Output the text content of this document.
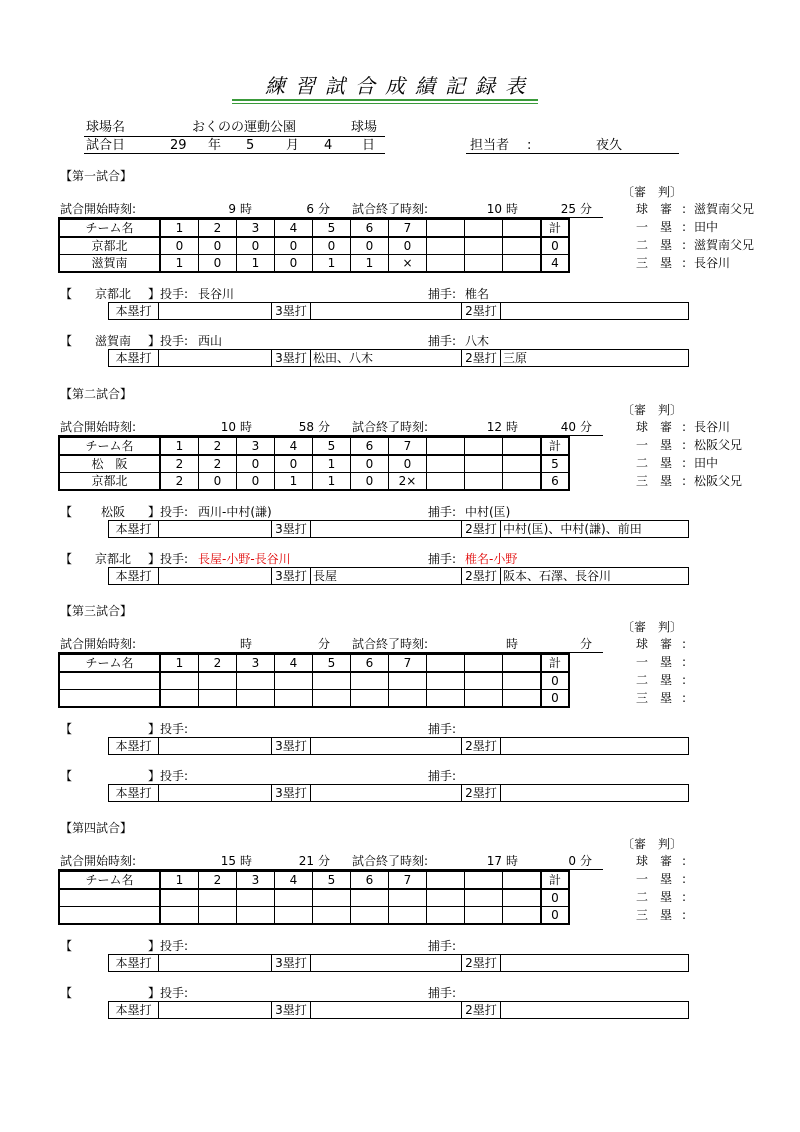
練習試合成績記録表
球場名	おくのの運動公園	球場
試合日	29 年 5 月 4 日	担当者 :	夜久
【第一試合】
〔審　判〕
試合開始時刻:	9 時	6 分 試合終了時刻:	10 時	25 分	球　審 : 滋賀南父兄
一　塁 : 田中
二　塁 : 滋賀南父兄
三　塁 : 長谷川
チーム名	1	2	3	4	5	6	7				計
京都北	0	0	0	0	0	0	0				0
滋賀南	1	0	1	0	1	1	×				4
【	京都北	】投手: 長谷川	捕手: 椎名
本塁打		3塁打		2塁打	
【	滋賀南	】投手: 西山	捕手: 八木
本塁打		3塁打	松田、八木	2塁打	三原
【第二試合】
〔審　判〕
試合開始時刻:	10 時	58 分 試合終了時刻:	12 時	40 分	球　審 : 長谷川
一　塁 : 松阪父兄
二　塁 : 田中
三　塁 : 松阪父兄
チーム名	1	2	3	4	5	6	7				計
松　阪	2	2	0	0	1	0	0				5
京都北	2	0	0	1	1	0	2×				6
【	松阪	】投手: 西川-中村(謙)	捕手: 中村(匡)
本塁打		3塁打		2塁打	中村(匡)、中村(謙)、前田
【	京都北	】投手: 長屋-小野-長谷川	捕手: 椎名-小野
本塁打		3塁打	長屋	2塁打	阪本、石澤、長谷川
【第三試合】
〔審　判〕
試合開始時刻:	時	分 試合終了時刻:	時	分	球　審 :
一　塁 :
二　塁 :
三　塁 :
チーム名	1	2	3	4	5	6	7				計
											0
											0
【	】投手:	捕手:
本塁打		3塁打		2塁打	
【	】投手:	捕手:
本塁打		3塁打		2塁打	
【第四試合】
〔審　判〕
試合開始時刻:	15 時	21 分 試合終了時刻:	17 時	0 分	球　審 :
一　塁 :
二　塁 :
三　塁 :
チーム名	1	2	3	4	5	6	7				計
											0
											0
【	】投手:	捕手:
本塁打		3塁打		2塁打	
【	】投手:	捕手:
本塁打		3塁打		2塁打	
